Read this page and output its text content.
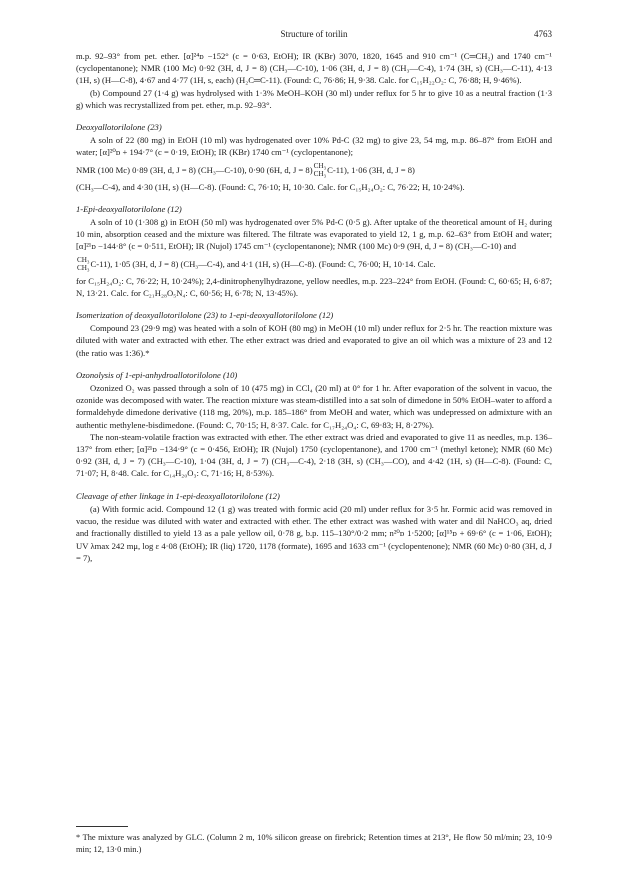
Structure of torilin	4763

m.p. 92–93° from pet. ether. [α]²⁴ᴅ −152° (c = 0·63, EtOH); IR (KBr) 3070, 1820, 1645 and 910 cm⁻¹ (C═CH₂) and 1740 cm⁻¹ (cyclopentanone); NMR (100 Mc) 0·92 (3H, d, J = 8) (CH₃—C-10), 1·06 (3H, d, J = 8) (CH₃—C-4), 1·74 (3H, s) (CH₃—C-11), 4·13 (1H, s) (H—C-8), 4·67 and 4·77 (1H, s, each) (H₂C═C-11). (Found: C, 76·86; H, 9·38. Calc. for C₁₅H₂₂O₂: C, 76·88; H, 9·46%).

(b) Compound 27 (1·4 g) was hydrolysed with 1·3% MeOH–KOH (30 ml) under reflux for 5 hr to give 10 as a neutral fraction (1·3 g) which was recrystallized from pet. ether, m.p. 92–93°.

Deoxyallotorilolone (23)

A soln of 22 (80 mg) in EtOH (10 ml) was hydrogenated over 10% Pd-C (32 mg) to give 23, 54 mg, m.p. 86–87° from EtOH and water; [α]²⁰ᴅ + 194·7° (c = 0·19, EtOH); IR (KBr) 1740 cm⁻¹ (cyclopentanone);

NMR (100 Mc) 0·89 (3H, d, J = 8) (CH₃—C-10), 0·90 (6H, d, J = 8) CH₃
CH₃ C-11), 1·06 (3H, d, J = 8)

(CH₃—C-4), and 4·30 (1H, s) (H—C-8). (Found: C, 76·10; H, 10·30. Calc. for C₁₅H₂₄O₂: C, 76·22; H, 10·24%).

1-Epi-deoxyallotorilolone (12)

A soln of 10 (1·308 g) in EtOH (50 ml) was hydrogenated over 5% Pd-C (0·5 g). After uptake of the theoretical amount of H₂ during 10 min, absorption ceased and the mixture was filtered. The filtrate was evaporated to yield 12, 1 g, m.p. 62–63° from EtOH and water; [α]²¹ᴅ −144·8° (c = 0·511, EtOH); IR (Nujol) 1745 cm⁻¹ (cyclopentanone); NMR (100 Mc) 0·9 (9H, d, J = 8) (CH₃—C-10) and

CH₃
CH₃ C-11), 1·05 (3H, d, J = 8) (CH₃—C-4), and 4·1 (1H, s) (H—C-8). (Found: C, 76·00; H, 10·14. Calc.

for C₁₅H₂₄O₂: C, 76·22; H, 10·24%); 2,4-dinitrophenylhydrazone, yellow needles, m.p. 223–224° from EtOH. (Found: C, 60·65; H, 6·87; N, 13·21. Calc. for C₂₁H₂₈O₅N₄: C, 60·56; H, 6·78; N, 13·45%).

Isomerization of deoxyallotorilolone (23) to 1-epi-deoxyallotorilolone (12)

Compound 23 (29·9 mg) was heated with a soln of KOH (80 mg) in MeOH (10 ml) under reflux for 2·5 hr. The reaction mixture was diluted with water and extracted with ether. The ether extract was dried and evaporated to give an oil which was a mixture of 23 and 12 (the ratio was 1:36).*

Ozonolysis of 1-epi-anhydroallotorilolone (10)

Ozonized O₂ was passed through a soln of 10 (475 mg) in CCl₄ (20 ml) at 0° for 1 hr. After evaporation of the solvent in vacuo, the ozonide was decomposed with water. The reaction mixture was steam-distilled into a sat soln of dimedone in 50% EtOH–water to afford a formaldehyde dimedone derivative (118 mg, 20%), m.p. 185–186° from MeOH and water, which was undepressed on admixture with an authentic methylene-bisdimedone. (Found: C, 70·15; H, 8·37. Calc. for C₁₇H₂₄O₄: C, 69·83; H, 8·27%).

The non-steam-volatile fraction was extracted with ether. The ether extract was dried and evaporated to give 11 as needles, m.p. 136–137° from ether; [α]²¹ᴅ −134·9° (c = 0·456, EtOH); IR (Nujol) 1750 (cyclopentanone), and 1700 cm⁻¹ (methyl ketone); NMR (60 Mc) 0·92 (3H, d, J = 7) (CH₃—C-10), 1·04 (3H, d, J = 7) (CH₃—C-4), 2·18 (3H, s) (CH₃—CO), and 4·42 (1H, s) (H—C-8). (Found: C, 71·07; H, 8·48. Calc. for C₁₄H₂₀O₃: C, 71·16; H, 8·53%).

Cleavage of ether linkage in 1-epi-deoxyallotorilolone (12)

(a) With formic acid. Compound 12 (1 g) was treated with formic acid (20 ml) under reflux for 3·5 hr. Formic acid was removed in vacuo, the residue was diluted with water and extracted with ether. The ether extract was washed with water and dil NaHCO₃ aq, dried and fractionally distilled to yield 13 as a pale yellow oil, 0·78 g, b.p. 115–130°/0·2 mm; n²⁰ᴅ 1·5200; [α]¹⁵ᴅ + 69·6° (c = 1·06, EtOH); UV λmax 242 mμ, log ε 4·08 (EtOH); IR (liq) 1720, 1178 (formate), 1695 and 1633 cm⁻¹ (cyclopentenone); NMR (60 Mc) 0·80 (3H, d, J = 7),

* The mixture was analyzed by GLC. (Column 2 m, 10% silicon grease on firebrick; Retention times at 213°, He flow 50 ml/min; 23, 10·9 min; 12, 13·0 min.)
